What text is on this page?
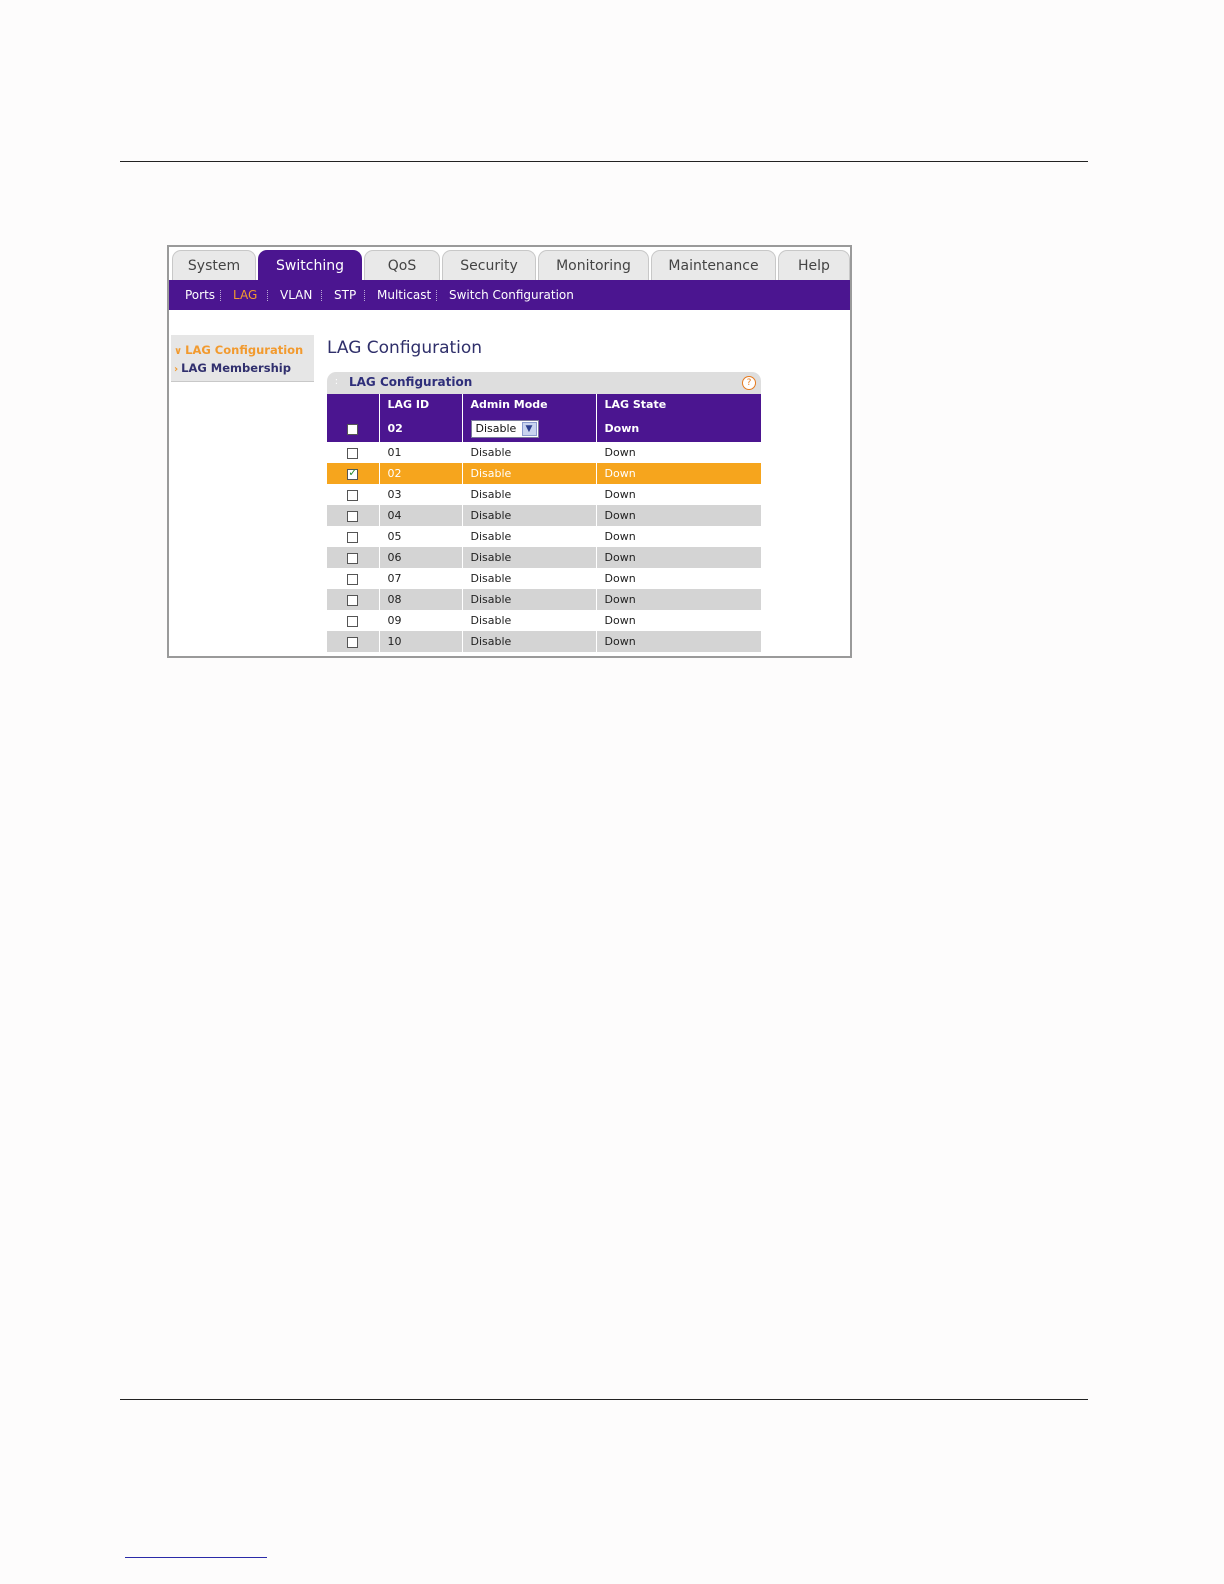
System	Switching	QoS	Security	Monitoring	Maintenance	Help
Ports LAG VLAN STP Multicast Switch Configuration
∨ LAG Configuration
› LAG Membership
LAG Configuration
∶ LAG Configuration	?
	LAG ID	Admin Mode	LAG State
	02	Disable ▼	Down
	01	Disable	Down
✓	02	Disable	Down
	03	Disable	Down
	04	Disable	Down
	05	Disable	Down
	06	Disable	Down
	07	Disable	Down
	08	Disable	Down
	09	Disable	Down
	10	Disable	Down
